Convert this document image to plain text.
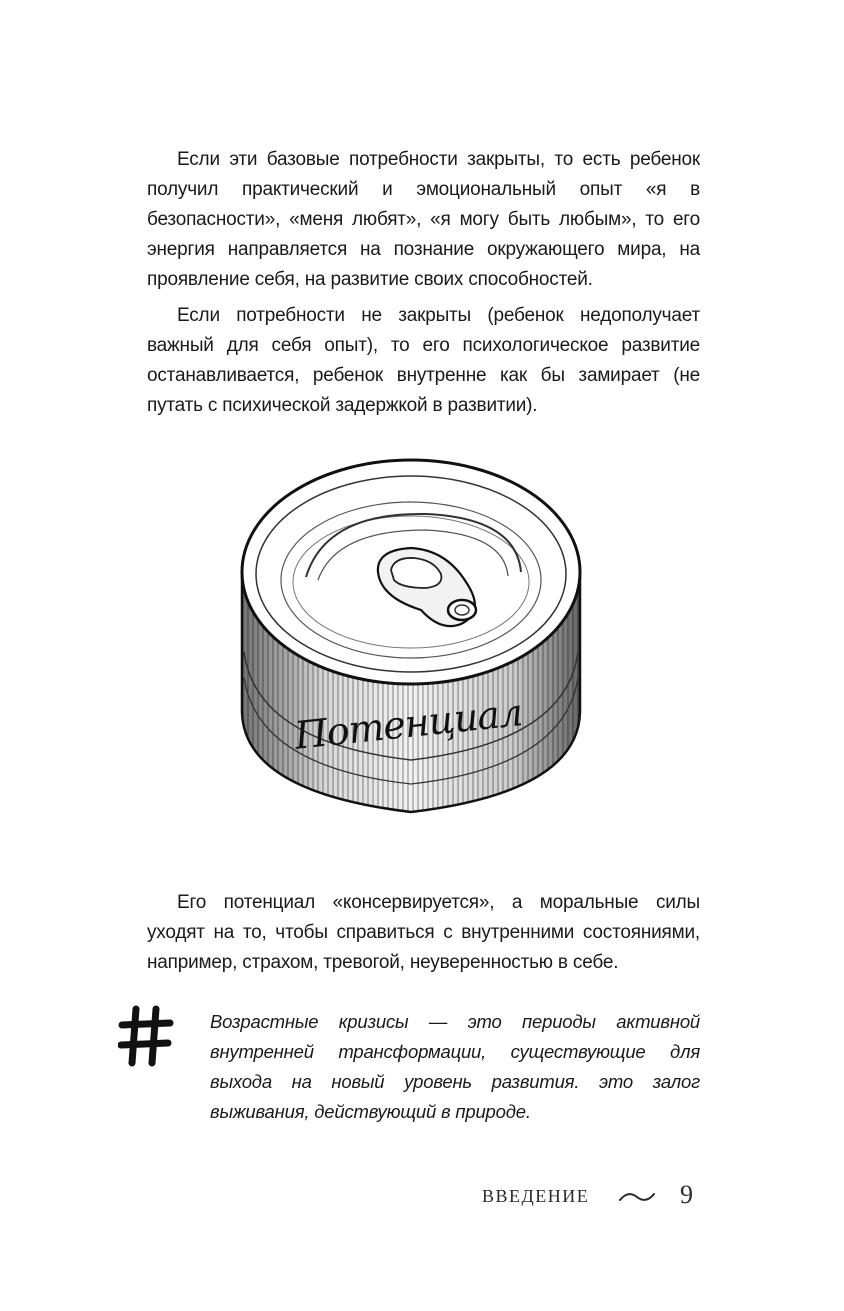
Если эти базовые потребности закрыты, то есть ребенок получил практический и эмоциональный опыт «я в безопасности», «меня любят», «я могу быть любым», то его энергия направляется на познание окружающего мира, на проявление себя, на развитие своих способностей.

Если потребности не закрыты (ребенок недополучает важный для себя опыт), то его психологическое развитие останавливается, ребенок внутренне как бы замирает (не путать с психической задержкой в развитии).

Потенциал

Его потенциал «консервируется», а моральные силы уходят на то, чтобы справиться с внутренними состояниями, например, страхом, тревогой, неуверенностью в себе.

Возрастные кризисы — это периоды активной внутренней трансформации, существующие для выхода на новый уровень развития. это залог выживания, действующий в природе.
ВВЕДЕНИЕ	9
